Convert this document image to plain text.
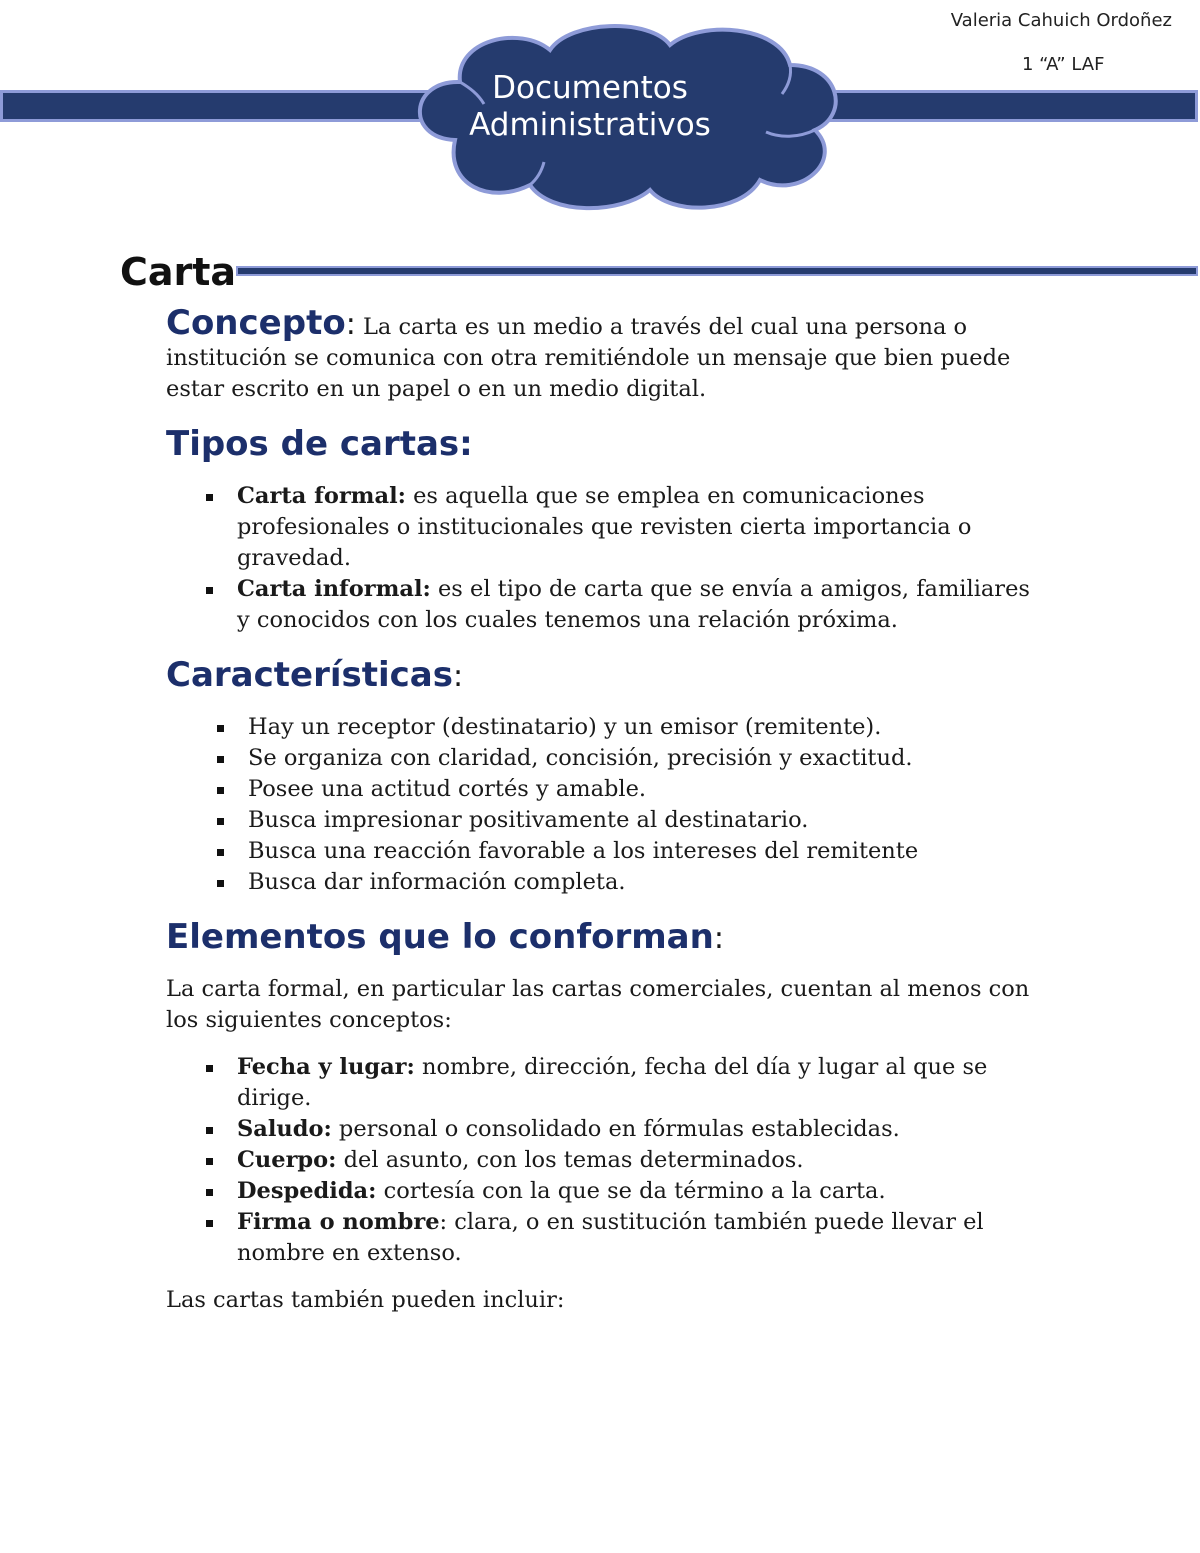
Valeria Cahuich Ordoñez
1 “A” LAF
Documentos
Administrativos
Carta

Concepto: La carta es un medio a través del cual una persona o institución se comunica con otra remitiéndole un mensaje que bien puede estar escrito en un papel o en un medio digital.

Tipos de cartas:
Carta formal: es aquella que se emplea en comunicaciones profesionales o institucionales que revisten cierta importancia o gravedad.
Carta informal: es el tipo de carta que se envía a amigos, familiares y conocidos con los cuales tenemos una relación próxima.
Características:
Hay un receptor (destinatario) y un emisor (remitente).
Se organiza con claridad, concisión, precisión y exactitud.
Posee una actitud cortés y amable.
Busca impresionar positivamente al destinatario.
Busca una reacción favorable a los intereses del remitente
Busca dar información completa.
Elementos que lo conforman:

La carta formal, en particular las cartas comerciales, cuentan al menos con los siguientes conceptos:

Fecha y lugar: nombre, dirección, fecha del día y lugar al que se dirige.
Saludo: personal o consolidado en fórmulas establecidas.
Cuerpo: del asunto, con los temas determinados.
Despedida: cortesía con la que se da término a la carta.
Firma o nombre: clara, o en sustitución también puede llevar el nombre en extenso.

Las cartas también pueden incluir:
